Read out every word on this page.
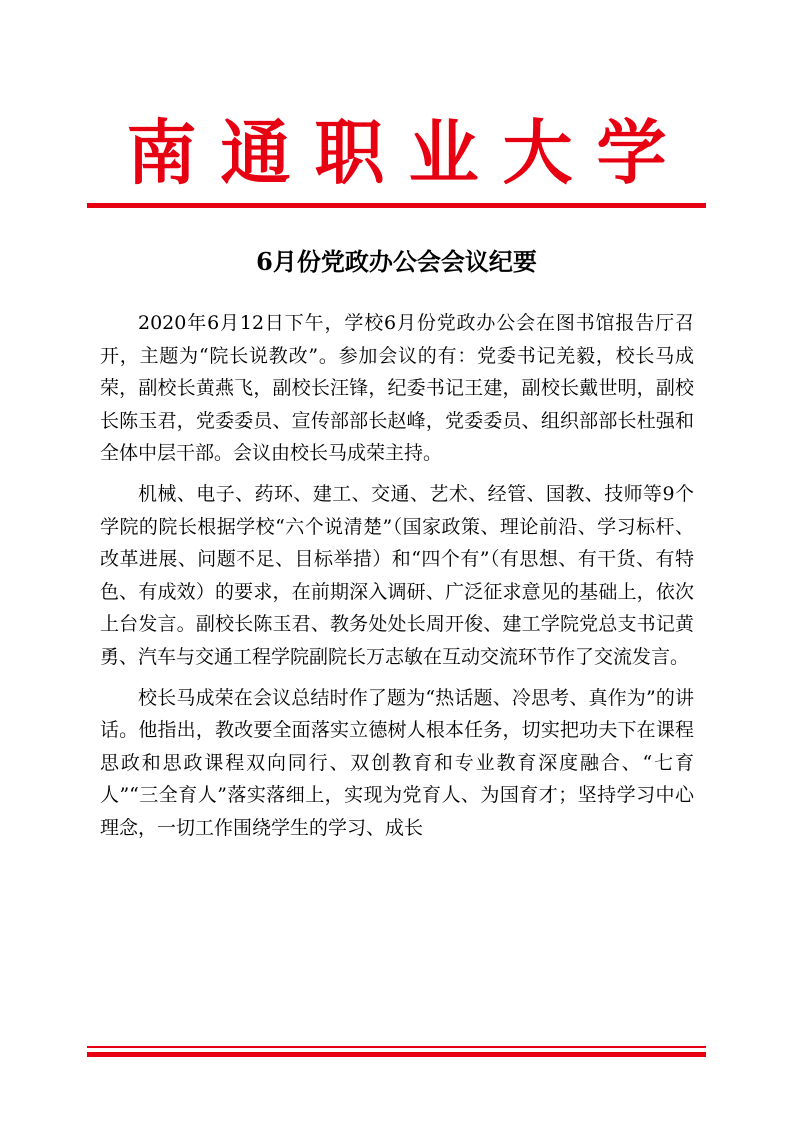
南通职业大学
6月份党政办公会会议纪要

2020年6月12日下午，学校6月份党政办公会在图书馆报告厅召开，主题为“院长说教改”。参加会议的有：党委书记羌毅，校长马成荣，副校长黄燕飞，副校长汪锋，纪委书记王建，副校长戴世明，副校长陈玉君，党委委员、宣传部部长赵峰，党委委员、组织部部长杜强和全体中层干部。会议由校长马成荣主持。

机械、电子、药环、建工、交通、艺术、经管、国教、技师等9个学院的院长根据学校“六个说清楚”（国家政策、理论前沿、学习标杆、改革进展、问题不足、目标举措）和“四个有”（有思想、有干货、有特色、有成效）的要求，在前期深入调研、广泛征求意见的基础上，依次上台发言。副校长陈玉君、教务处处长周开俊、建工学院党总支书记黄勇、汽车与交通工程学院副院长万志敏在互动交流环节作了交流发言。

校长马成荣在会议总结时作了题为“热话题、冷思考、真作为”的讲话。他指出，教改要全面落实立德树人根本任务，切实把功夫下在课程思政和思政课程双向同行、双创教育和专业教育深度融合、“七育人”“三全育人”落实落细上，实现为党育人、为国育才；坚持学习中心理念，一切工作围绕学生的学习、成长
